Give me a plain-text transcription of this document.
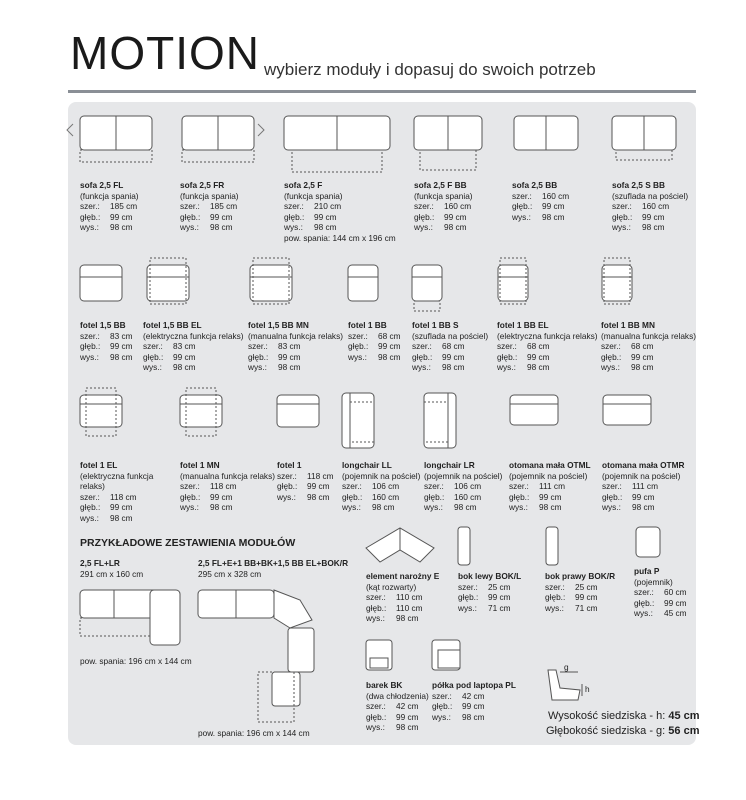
MOTION wybierz moduły i dopasuj do swoich potrzeb
sofa 2,5 FL
(funkcja spania)
szer.: 185 cm
głęb.: 99 cm
wys.: 98 cm
sofa 2,5 FR
(funkcja spania)
szer.: 185 cm
głęb.: 99 cm
wys.: 98 cm
sofa 2,5 F
(funkcja spania)
szer.: 210 cm
głęb.: 99 cm
wys.: 98 cm
pow. spania: 144 cm x 196 cm
sofa 2,5 F BB
(funkcja spania)
szer.: 160 cm
głęb.: 99 cm
wys.: 98 cm
sofa 2,5 BB
szer.: 160 cm
głęb.: 99 cm
wys.: 98 cm
sofa 2,5 S BB
(szuflada na pościel)
szer.: 160 cm
głęb.: 99 cm
wys.: 98 cm
fotel 1,5 BB
szer.: 83 cm
głęb.: 99 cm
wys.: 98 cm
fotel 1,5 BB EL
(elektryczna funkcja relaks)
szer.: 83 cm
głęb.: 99 cm
wys.: 98 cm
fotel 1,5 BB MN
(manualna funkcja relaks)
szer.: 83 cm
głęb.: 99 cm
wys.: 98 cm
fotel 1 BB
szer.: 68 cm
głęb.: 99 cm
wys.: 98 cm
fotel 1 BB S
(szuflada na pościel)
szer.: 68 cm
głęb.: 99 cm
wys.: 98 cm
fotel 1 BB EL
(elektryczna funkcja relaks)
szer.: 68 cm
głęb.: 99 cm
wys.: 98 cm
fotel 1 BB MN
(manualna funkcja relaks)
szer.: 68 cm
głęb.: 99 cm
wys.: 98 cm
fotel 1 EL
(elektryczna funkcja relaks)
szer.: 118 cm
głęb.: 99 cm
wys.: 98 cm
fotel 1 MN
(manualna funkcja relaks)
szer.: 118 cm
głęb.: 99 cm
wys.: 98 cm
fotel 1
szer.: 118 cm
głęb.: 99 cm
wys.: 98 cm
longchair LL
(pojemnik na pościel)
szer.: 106 cm
głęb.: 160 cm
wys.: 98 cm
longchair LR
(pojemnik na pościel)
szer.: 106 cm
głęb.: 160 cm
wys.: 98 cm
otomana mała OTML
(pojemnik na pościel)
szer.: 111 cm
głęb.: 99 cm
wys.: 98 cm
otomana mała OTMR
(pojemnik na pościel)
szer.: 111 cm
głęb.: 99 cm
wys.: 98 cm
PRZYKŁADOWE ZESTAWIENIA MODUŁÓW
2,5 FL+LR
291 cm x 160 cm
pow. spania: 196 cm x 144 cm
2,5 FL+E+1 BB+BK+1,5 BB EL+BOK/R
295 cm x 328 cm
pow. spania: 196 cm x 144 cm
element narożny E
(kąt rozwarty)
szer.: 110 cm
głęb.: 110 cm
wys.: 98 cm
bok lewy BOK/L
szer.: 25 cm
głęb.: 99 cm
wys.: 71 cm
bok prawy BOK/R
szer.: 25 cm
głęb.: 99 cm
wys.: 71 cm
pufa P
(pojemnik)
szer.: 60 cm
głęb.: 99 cm
wys.: 45 cm
barek BK
(dwa chłodzenia)
szer.: 42 cm
głęb.: 99 cm
wys.: 98 cm
półka pod laptopa PL
szer.: 42 cm
głęb.: 99 cm
wys.: 98 cm
g
h
Wysokość siedziska - h: 45 cm
Głębokość siedziska - g: 56 cm
